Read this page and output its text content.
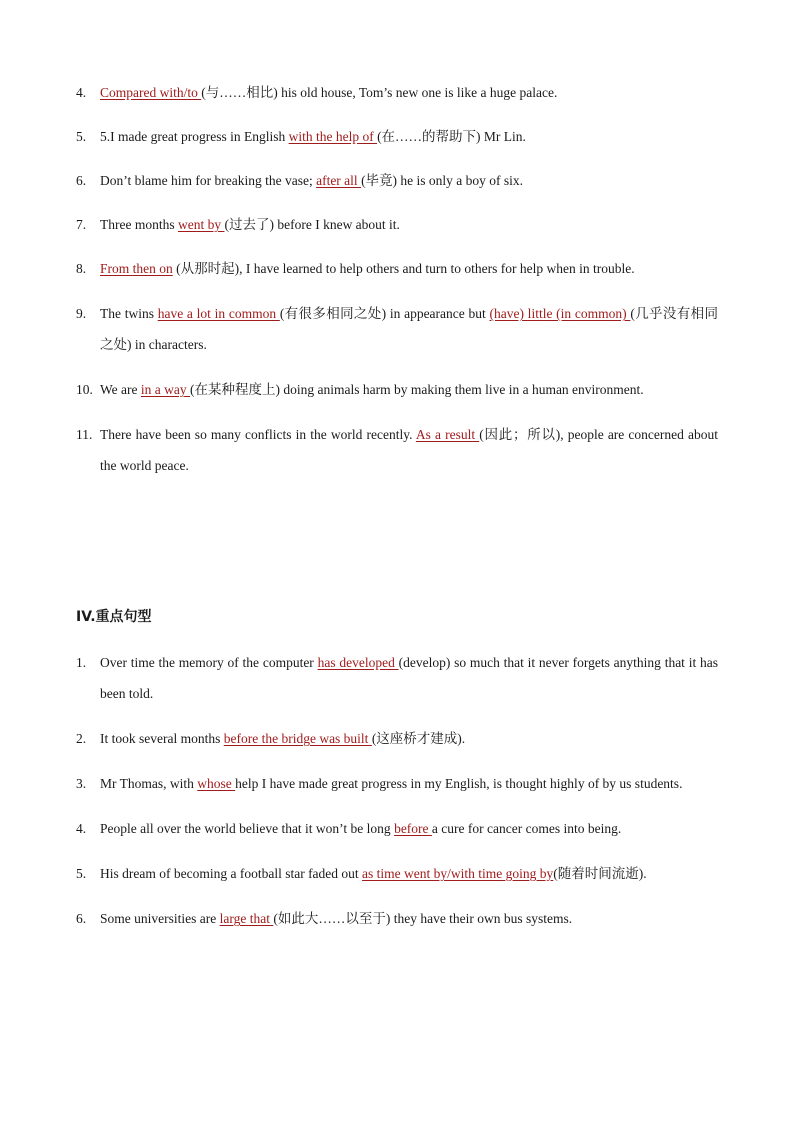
4. Compared with/to (与……相比) his old house, Tom’s new one is like a huge palace.
5. 5.I made great progress in English with the help of (在……的帮助下) Mr Lin.
6. Don’t blame him for breaking the vase; after all (毕竟) he is only a boy of six.
7. Three months went by (过去了) before I knew about it.
8. From then on (从那时起), I have learned to help others and turn to others for help when in trouble.
9. The twins have a lot in common (有很多相同之处) in appearance but (have) little (in common) (几乎没有相同之处) in characters.
10. We are in a way (在某种程度上) doing animals harm by making them live in a human environment.
11. There have been so many conflicts in the world recently. As a result (因此；所以), people are concerned about the world peace.
IV.重点句型
1. Over time the memory of the computer has developed (develop) so much that it never forgets anything that it has been told.
2. It took several months before the bridge was built (这座桥才建成).
3. Mr Thomas, with whose help I have made great progress in my English, is thought highly of by us students.
4. People all over the world believe that it won’t be long before a cure for cancer comes into being.
5. His dream of becoming a football star faded out as time went by/with time going by(随着时间流逝).
6. Some universities are large that (如此大……以至于) they have their own bus systems.
